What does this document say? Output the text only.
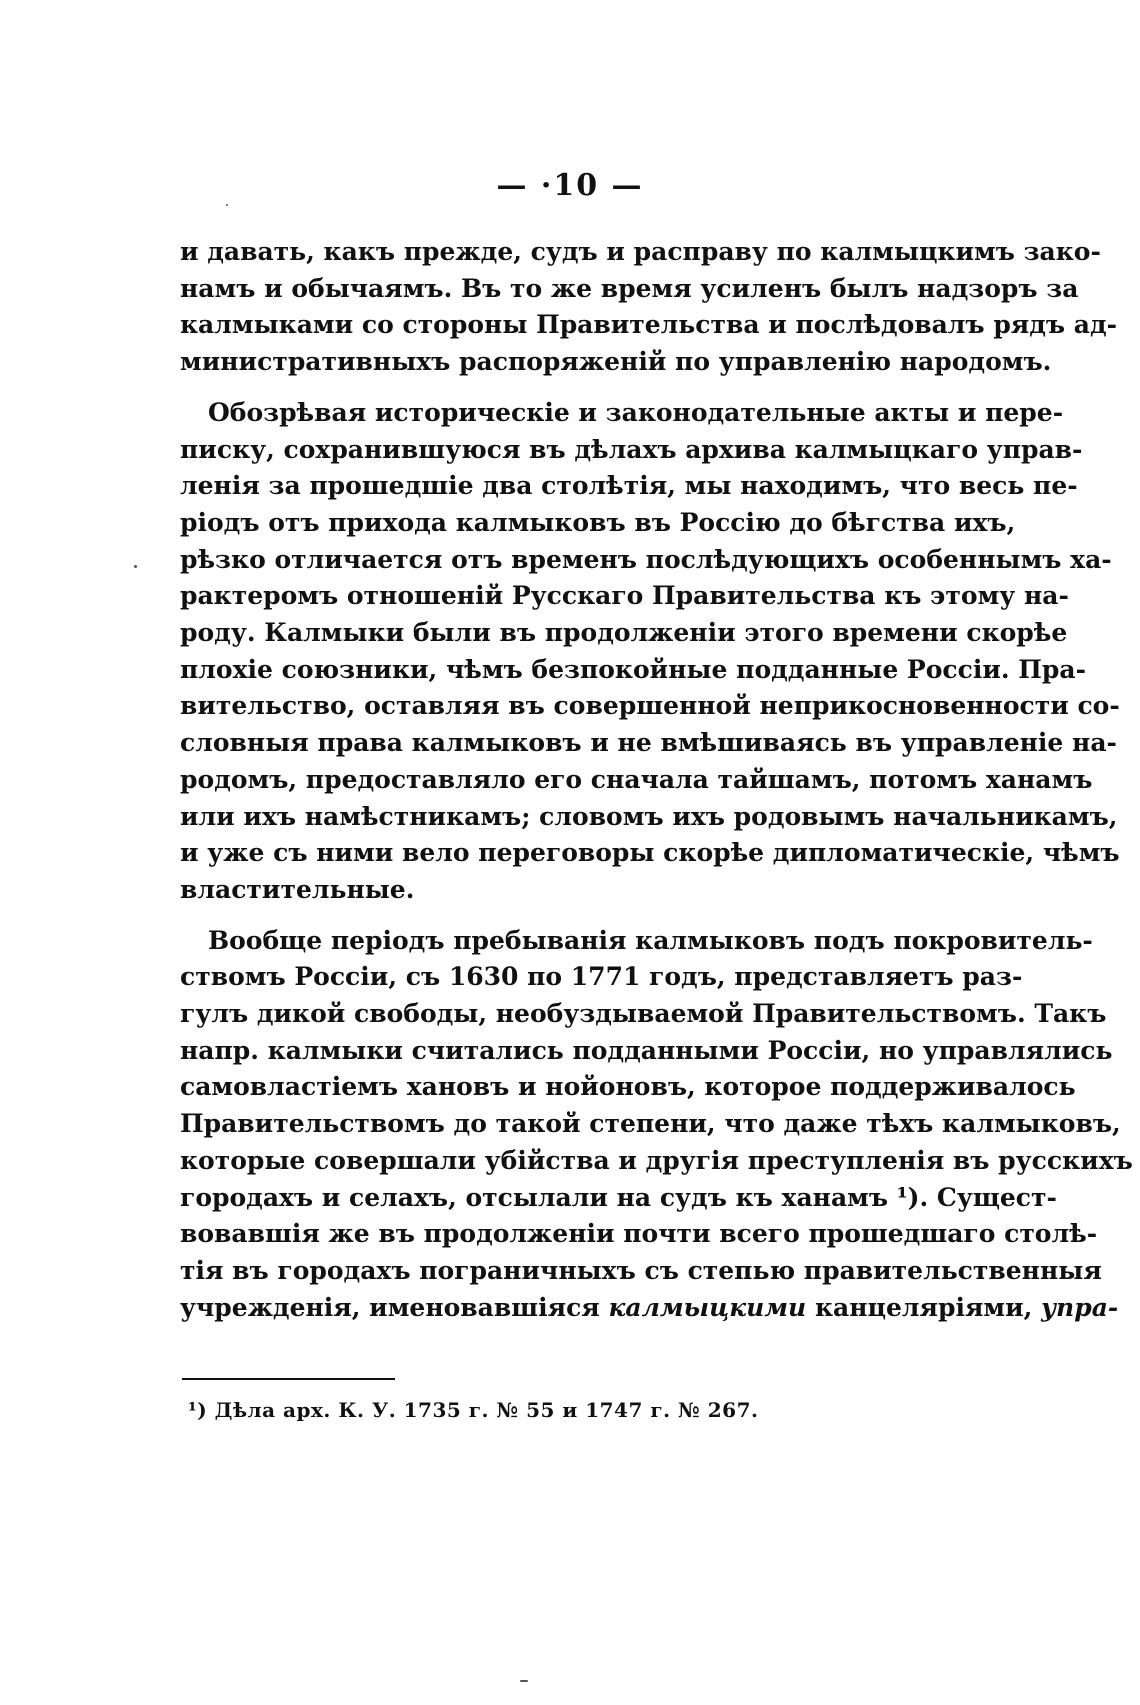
— ·10 —
и давать, какъ прежде, судъ и расправу по калмыцкимъ зако-
намъ и обычаямъ. Въ то же время усиленъ былъ надзоръ за
калмыками со стороны Правительства и послѣдовалъ рядъ ад-
министративныхъ распоряженій по управленію народомъ.
Обозрѣвая историческіе и законодательные акты и пере-
писку, сохранившуюся въ дѣлахъ архива калмыцкаго управ-
ленія за прошедшіе два столѣтія, мы находимъ, что весь пе-
ріодъ отъ прихода калмыковъ въ Россію до бѣгства ихъ,
рѣзко отличается отъ временъ послѣдующихъ особеннымъ ха-
рактеромъ отношеній Русскаго Правительства къ этому на-
роду. Калмыки были въ продолженіи этого времени скорѣе
плохіе союзники, чѣмъ безпокойные подданные Россіи. Пра-
вительство, оставляя въ совершенной неприкосновенности со-
словныя права калмыковъ и не вмѣшиваясь въ управленіе на-
родомъ, предоставляло его сначала тайшамъ, потомъ ханамъ
или ихъ намѣстникамъ; словомъ ихъ родовымъ начальникамъ,
и уже съ ними вело переговоры скорѣе дипломатическіе, чѣмъ
властительные.
Вообще періодъ пребыванія калмыковъ подъ покровитель-
ствомъ Россіи, съ 1630 по 1771 годъ, представляетъ раз-
гулъ дикой свободы, необуздываемой Правительствомъ. Такъ
напр. калмыки считались подданными Россіи, но управлялись
самовластіемъ хановъ и нойоновъ, которое поддерживалось
Правительствомъ до такой степени, что даже тѣхъ калмыковъ,
которые совершали убійства и другія преступленія въ русскихъ
городахъ и селахъ, отсылали на судъ къ ханамъ ¹). Сущест-
вовавшія же въ продолженіи почти всего прошедшаго столѣ-
тія въ городахъ пограничныхъ съ степью правительственныя
учрежденія, именовавшіяся калмыцкими канцеляріями, упра-
¹) Дѣла арх. К. У. 1735 г. № 55 и 1747 г. № 267.
